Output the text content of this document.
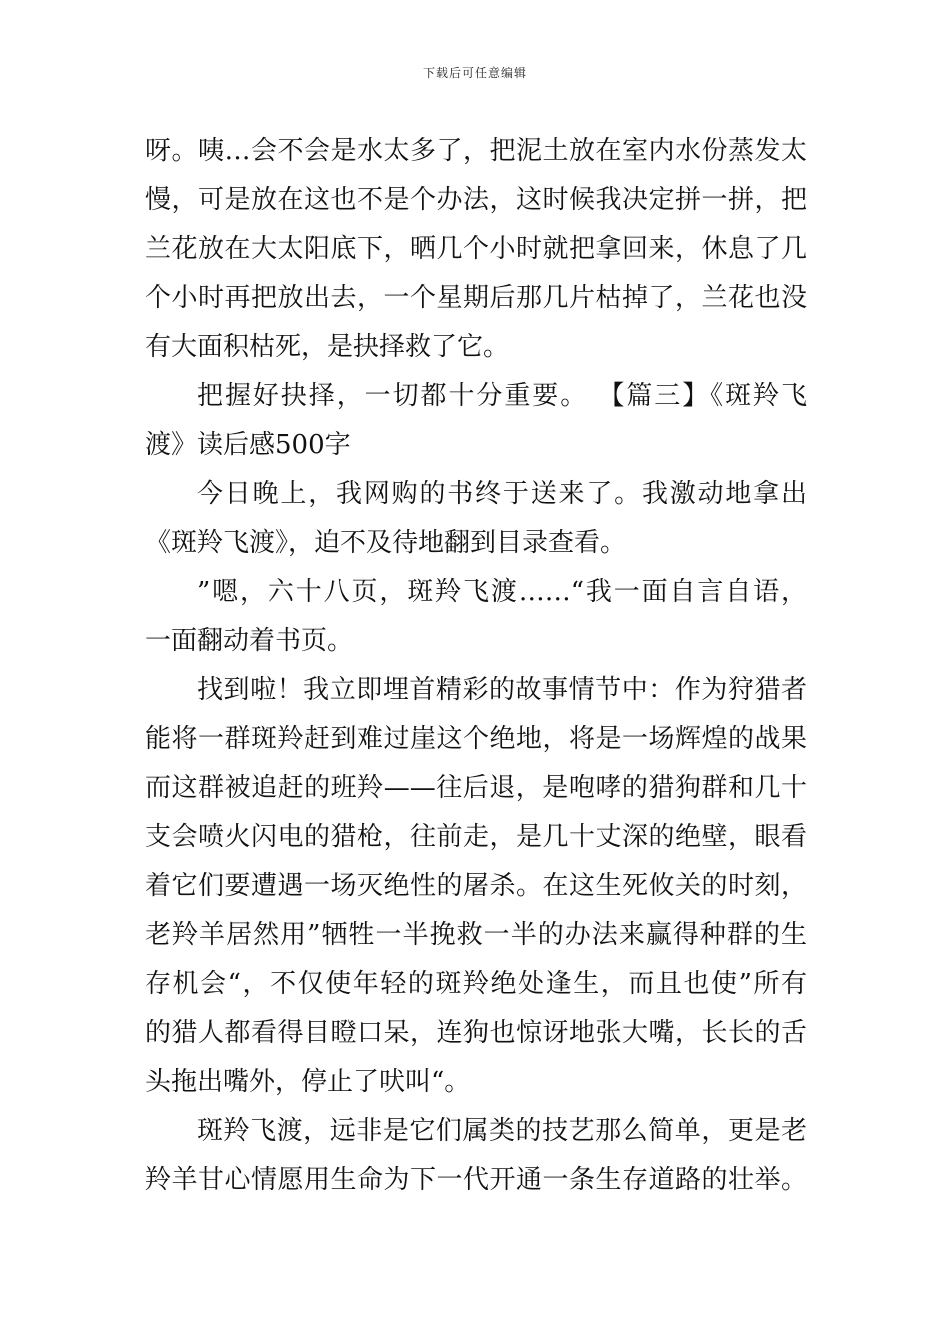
下载后可任意编辑
呀。咦…会不会是水太多了，把泥土放在室内水份蒸发太
慢，可是放在这也不是个办法，这时候我决定拼一拼，把
兰花放在大太阳底下，晒几个小时就把拿回来，休息了几
个小时再把放出去，一个星期后那几片枯掉了，兰花也没
有大面积枯死，是抉择救了它。
把握好抉择，一切都十分重要。 【篇三】《斑羚飞
渡》读后感500字
今日晚上，我网购的书终于送来了。我激动地拿出
《斑羚飞渡》，迫不及待地翻到目录查看。
”嗯，六十八页，斑羚飞渡……“我一面自言自语，
一面翻动着书页。
找到啦！我立即埋首精彩的故事情节中：作为狩猎者
能将一群斑羚赶到难过崖这个绝地，将是一场辉煌的战果
而这群被追赶的班羚——往后退，是咆哮的猎狗群和几十
支会喷火闪电的猎枪，往前走，是几十丈深的绝壁，眼看
着它们要遭遇一场灭绝性的屠杀。在这生死攸关的时刻，
老羚羊居然用”牺牲一半挽救一半的办法来赢得种群的生
存机会“，不仅使年轻的斑羚绝处逢生，而且也使”所有
的猎人都看得目瞪口呆，连狗也惊讶地张大嘴，长长的舌
头拖出嘴外，停止了吠叫“。
斑羚飞渡，远非是它们属类的技艺那么简单，更是老
羚羊甘心情愿用生命为下一代开通一条生存道路的壮举。
